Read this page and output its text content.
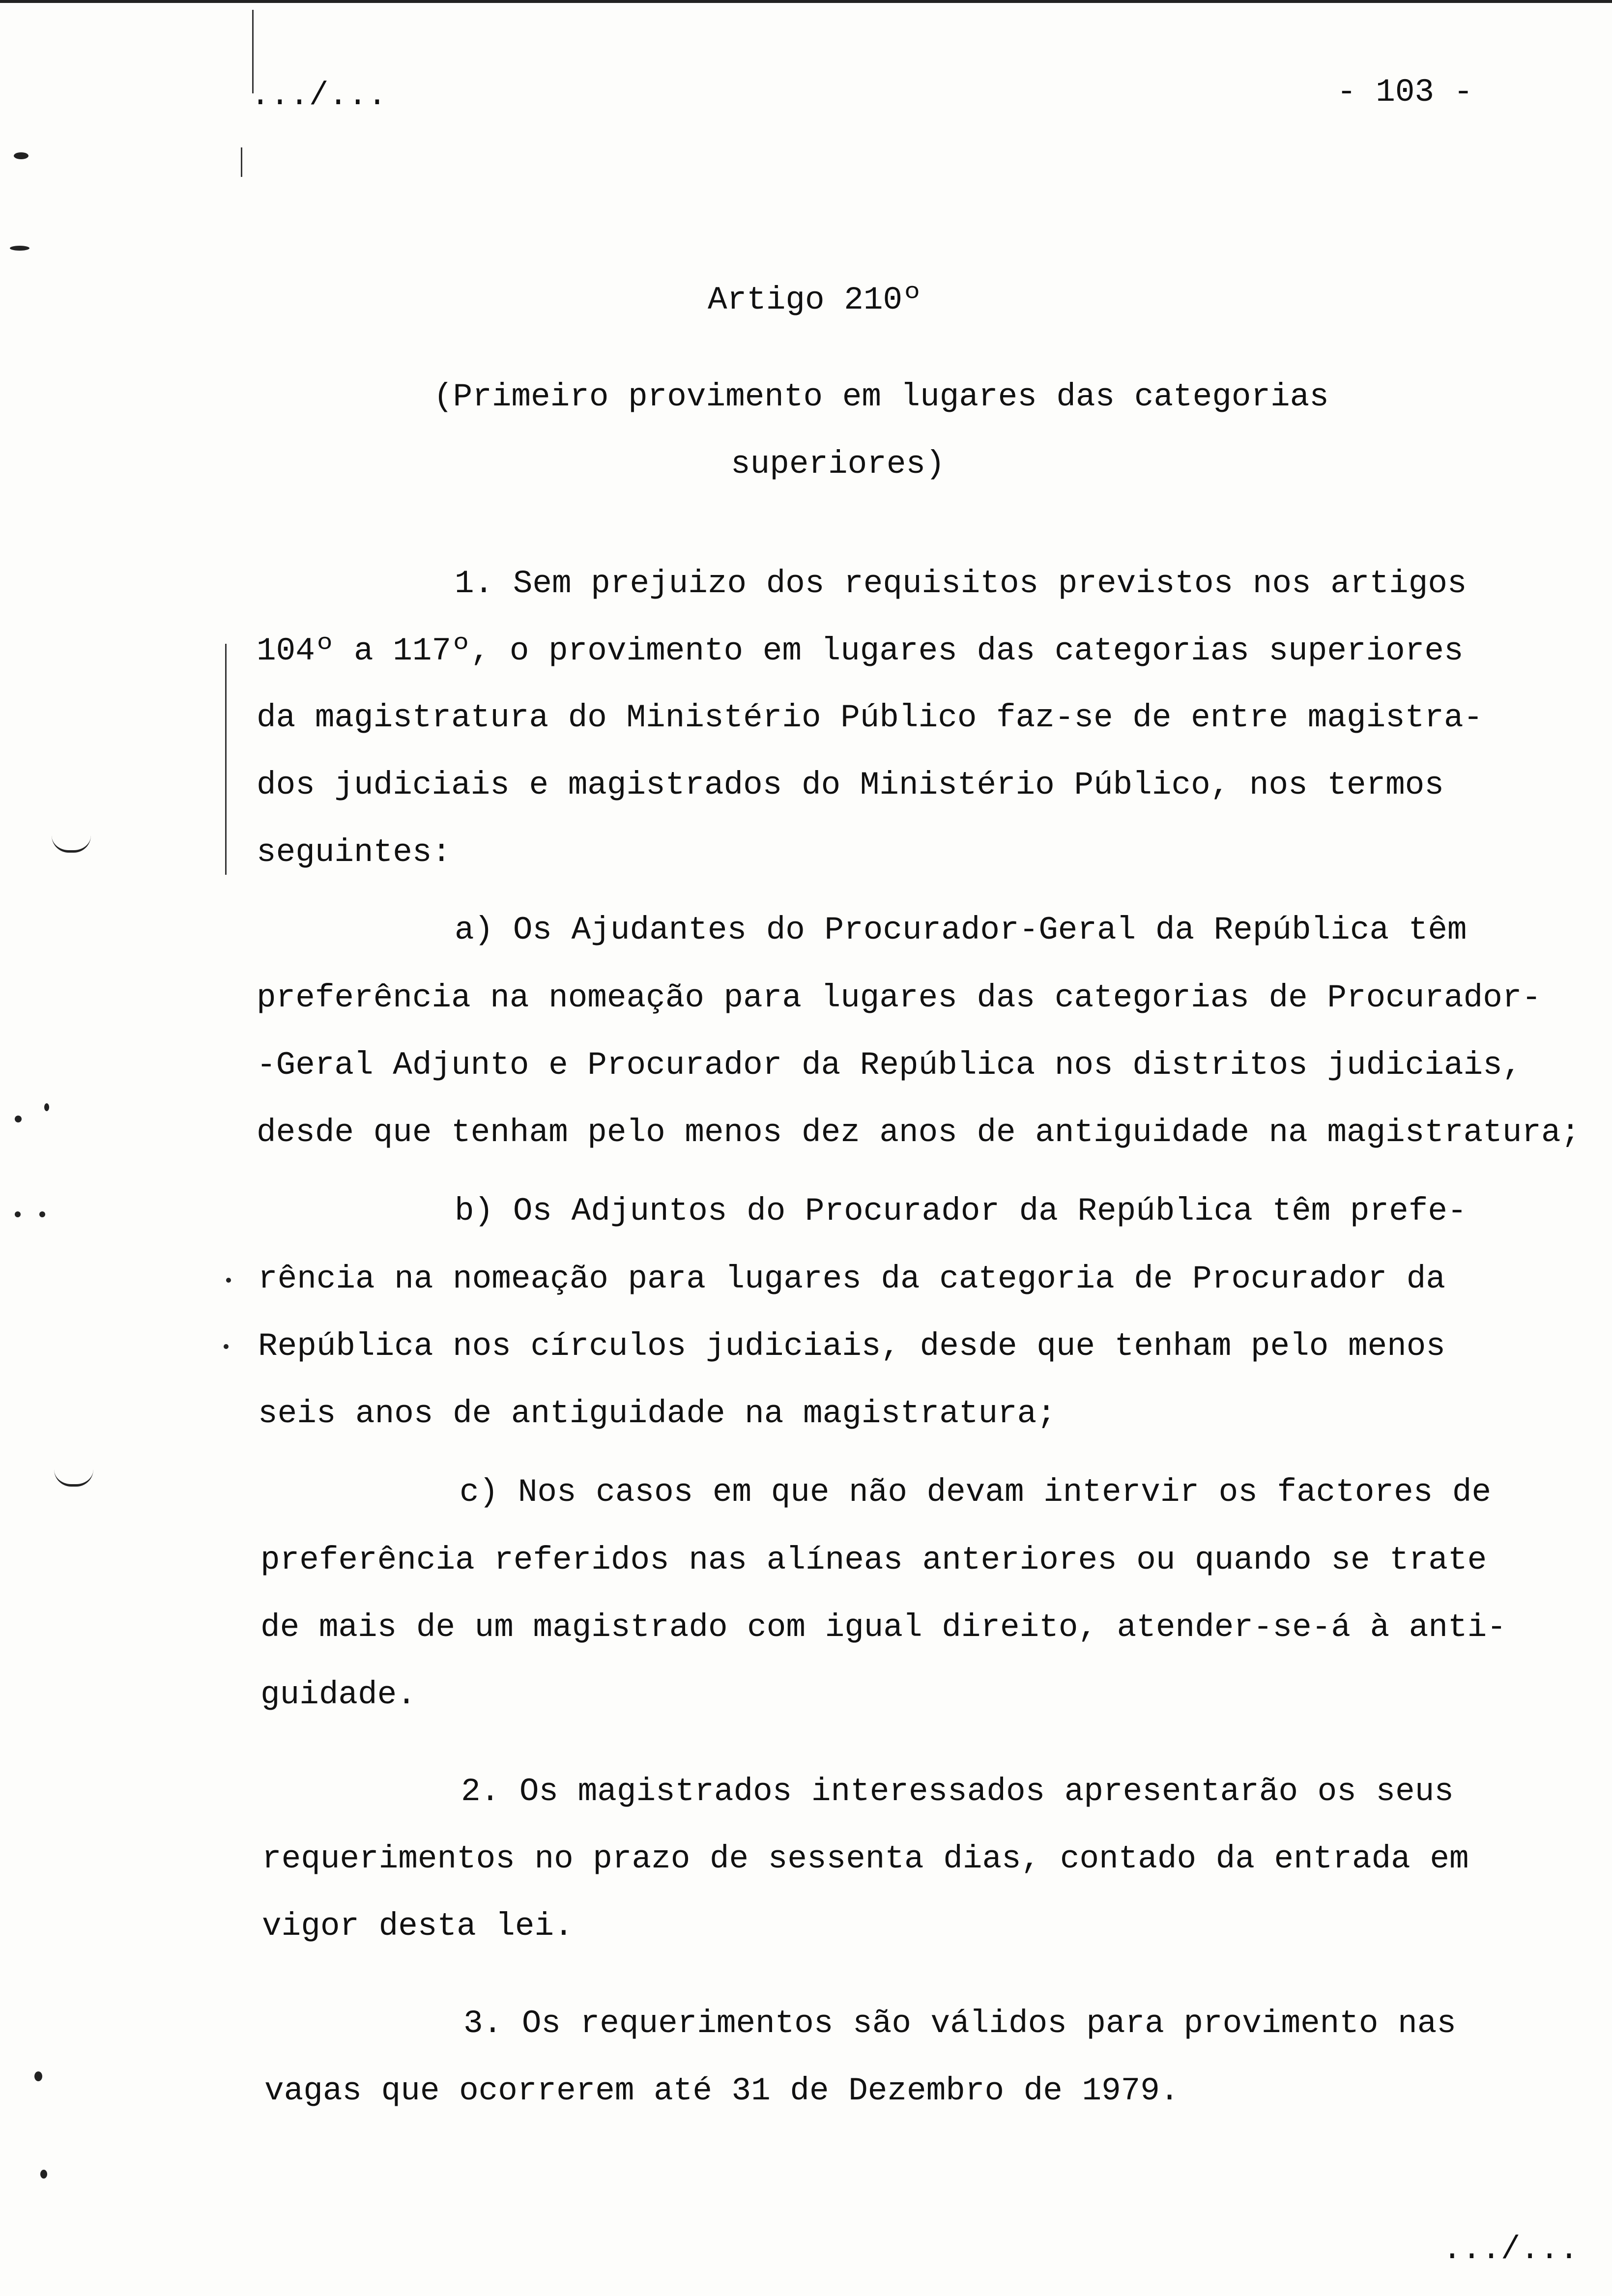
.../...	- 103 -
Artigo 210º
(Primeiro provimento em lugares das categorias
superiores)
1. Sem prejuizo dos requisitos previstos nos artigos
104º a 117º, o provimento em lugares das categorias superiores
da magistratura do Ministério Público faz-se de entre magistra-
dos judiciais e magistrados do Ministério Público, nos termos
seguintes:
a) Os Ajudantes do Procurador-Geral da República têm
preferência na nomeação para lugares das categorias de Procurador-
-Geral Adjunto e Procurador da República nos distritos judiciais,
desde que tenham pelo menos dez anos de antiguidade na magistratura;
b) Os Adjuntos do Procurador da República têm prefe-
rência na nomeação para lugares da categoria de Procurador da
República nos círculos judiciais, desde que tenham pelo menos
seis anos de antiguidade na magistratura;
c) Nos casos em que não devam intervir os factores de
preferência referidos nas alíneas anteriores ou quando se trate
de mais de um magistrado com igual direito, atender-se-á à anti-
guidade.
2. Os magistrados interessados apresentarão os seus
requerimentos no prazo de sessenta dias, contado da entrada em
vigor desta lei.
3. Os requerimentos são válidos para provimento nas
vagas que ocorrerem até 31 de Dezembro de 1979.
.../...
